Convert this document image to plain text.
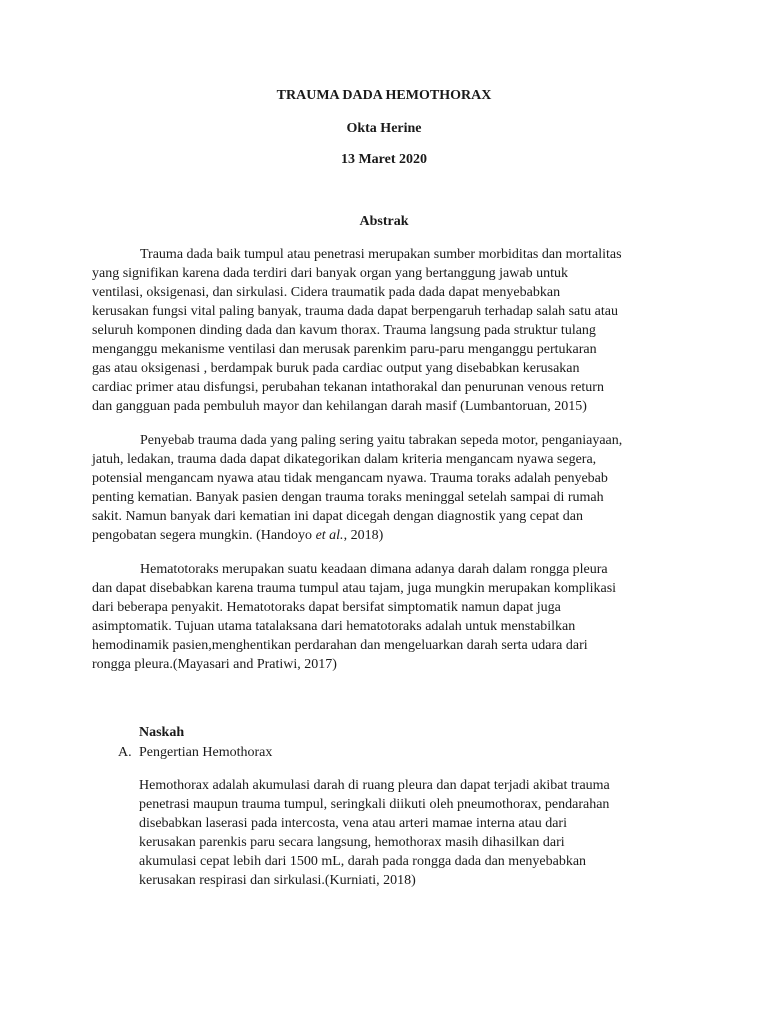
TRAUMA DADA HEMOTHORAX
Okta Herine
13 Maret 2020
Abstrak
Trauma dada baik tumpul atau penetrasi merupakan sumber morbiditas dan mortalitas
yang signifikan karena dada terdiri dari banyak organ yang bertanggung jawab untuk
ventilasi, oksigenasi, dan sirkulasi. Cidera traumatik pada dada dapat menyebabkan
kerusakan fungsi vital paling banyak, trauma dada dapat berpengaruh terhadap salah satu atau
seluruh komponen dinding dada dan kavum thorax. Trauma langsung pada struktur tulang
menganggu mekanisme ventilasi dan merusak parenkim paru-paru menganggu pertukaran
gas atau oksigenasi , berdampak buruk pada cardiac output yang disebabkan kerusakan
cardiac primer atau disfungsi, perubahan tekanan intathorakal dan penurunan venous return
dan gangguan pada pembuluh mayor dan kehilangan darah masif (Lumbantoruan, 2015)
Penyebab trauma dada yang paling sering yaitu tabrakan sepeda motor, penganiayaan,
jatuh, ledakan, trauma dada dapat dikategorikan dalam kriteria mengancam nyawa segera,
potensial mengancam nyawa atau tidak mengancam nyawa. Trauma toraks adalah penyebab
penting kematian. Banyak pasien dengan trauma toraks meninggal setelah sampai di rumah
sakit. Namun banyak dari kematian ini dapat dicegah dengan diagnostik yang cepat dan
pengobatan segera mungkin. (Handoyo et al., 2018)
Hematotoraks merupakan suatu keadaan dimana adanya darah dalam rongga pleura
dan dapat disebabkan karena trauma tumpul atau tajam, juga mungkin merupakan komplikasi
dari beberapa penyakit. Hematotoraks dapat bersifat simptomatik namun dapat juga
asimptomatik. Tujuan utama tatalaksana dari hematotoraks adalah untuk menstabilkan
hemodinamik pasien,menghentikan perdarahan dan mengeluarkan darah serta udara dari
rongga pleura.(Mayasari and Pratiwi, 2017)
Naskah
A. Pengertian Hemothorax
Hemothorax adalah akumulasi darah di ruang pleura dan dapat terjadi akibat trauma
penetrasi maupun trauma tumpul, seringkali diikuti oleh pneumothorax, pendarahan
disebabkan laserasi pada intercosta, vena atau arteri mamae interna atau dari
kerusakan parenkis paru secara langsung, hemothorax masih dihasilkan dari
akumulasi cepat lebih dari 1500 mL, darah pada rongga dada dan menyebabkan
kerusakan respirasi dan sirkulasi.(Kurniati, 2018)
